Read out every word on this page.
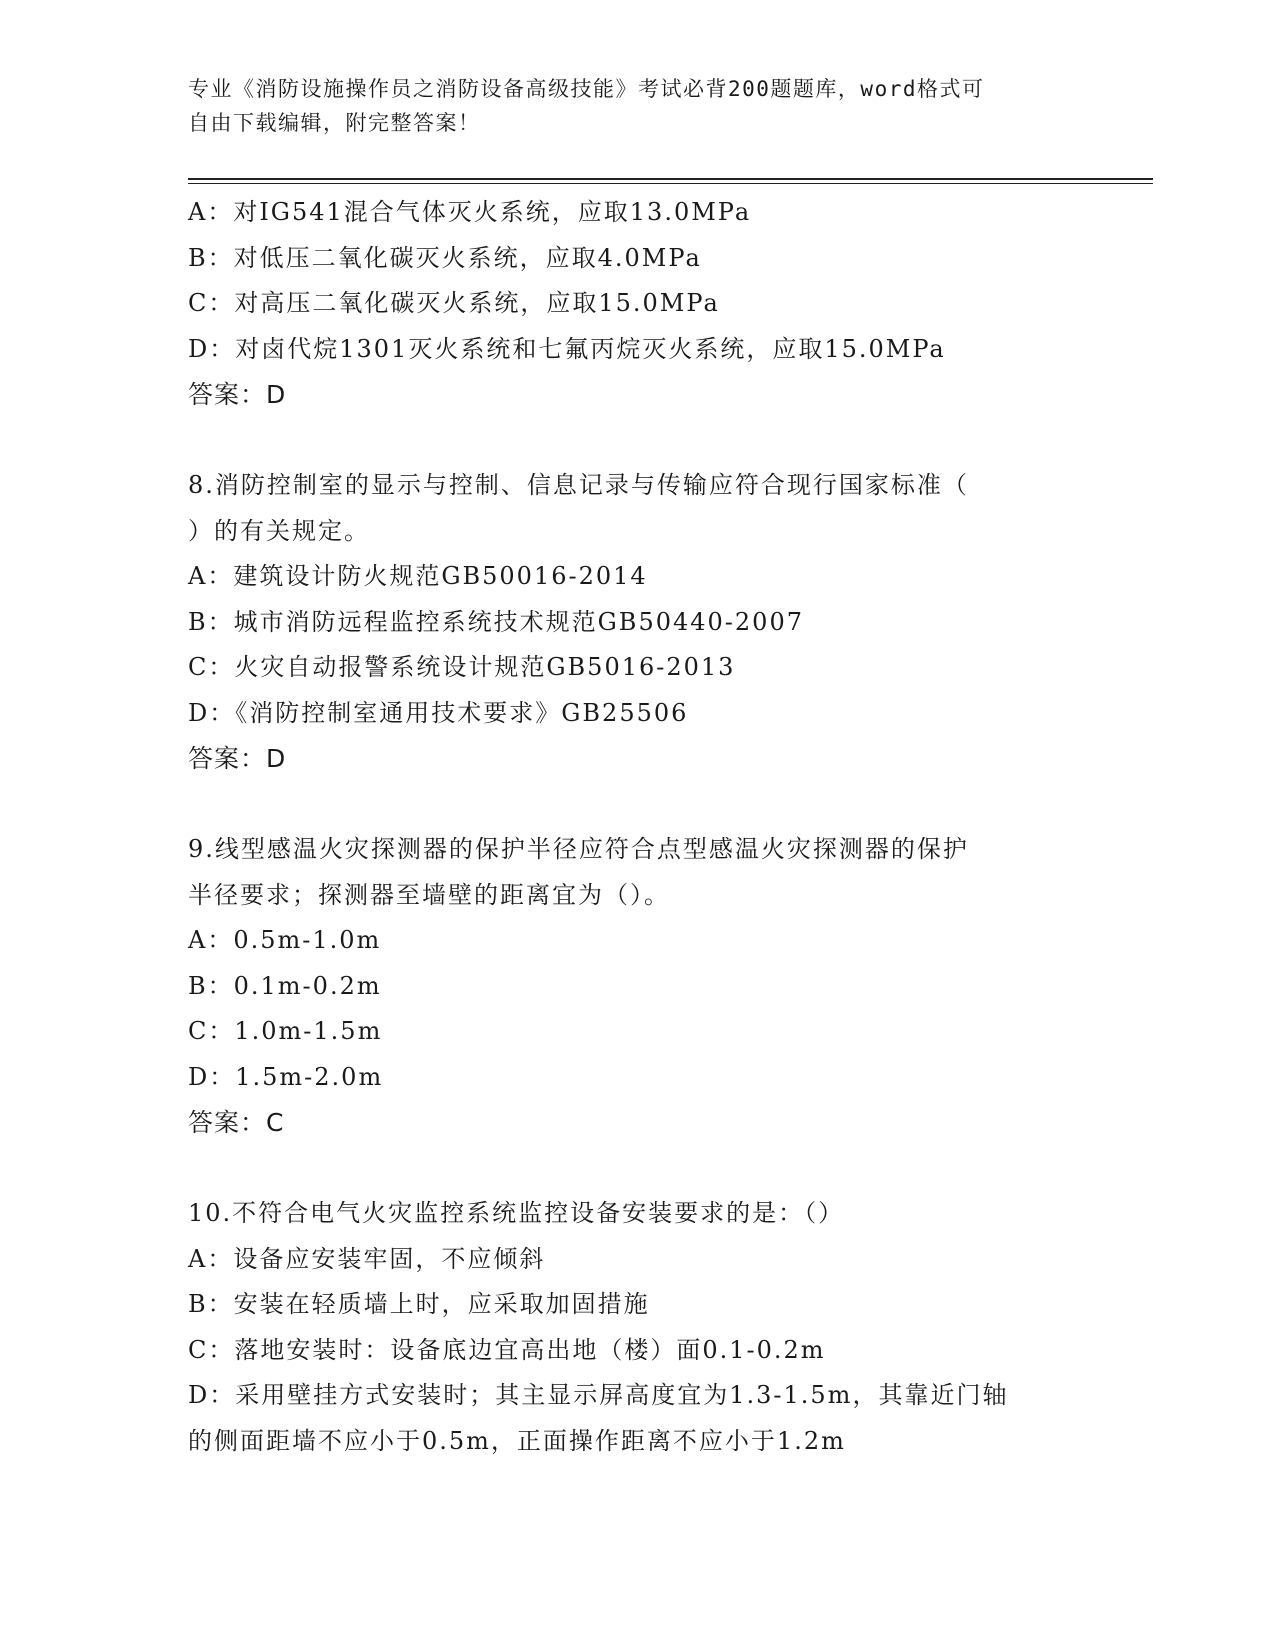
专业《消防设施操作员之消防设备高级技能》考试必背200题题库，word格式可
自由下载编辑，附完整答案！
A：对IG541混合气体灭火系统，应取13.0MPa
B：对低压二氧化碳灭火系统，应取4.0MPa
C：对高压二氧化碳灭火系统，应取15.0MPa
D：对卤代烷1301灭火系统和七氟丙烷灭火系统，应取15.0MPa
答案：D
8.消防控制室的显示与控制、信息记录与传输应符合现行国家标准（
）的有关规定。
A：建筑设计防火规范GB50016-2014
B：城市消防远程监控系统技术规范GB50440-2007
C：火灾自动报警系统设计规范GB5016-2013
D：《消防控制室通用技术要求》GB25506
答案：D
9.线型感温火灾探测器的保护半径应符合点型感温火灾探测器的保护
半径要求；探测器至墙壁的距离宜为（）。
A：0.5m-1.0m
B：0.1m-0.2m
C：1.0m-1.5m
D：1.5m-2.0m
答案：C
10.不符合电气火灾监控系统监控设备安装要求的是：（）
A：设备应安装牢固，不应倾斜
B：安装在轻质墙上时，应采取加固措施
C：落地安装时：设备底边宜高出地（楼）面0.1-0.2m
D：采用壁挂方式安装时；其主显示屏高度宜为1.3-1.5m，其靠近门轴
的侧面距墙不应小于0.5m，正面操作距离不应小于1.2m
